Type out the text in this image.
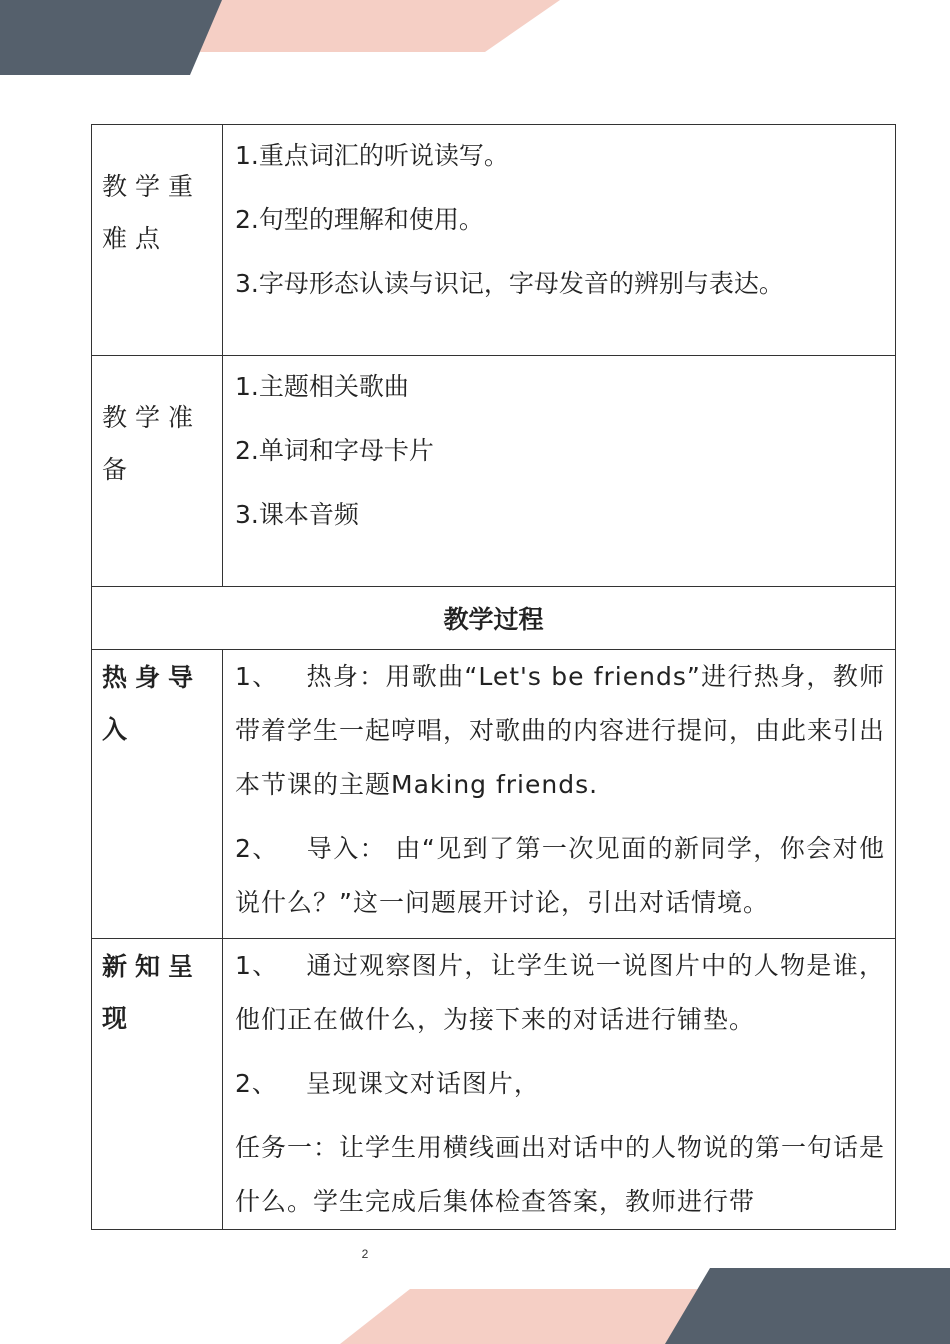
教学重难点	1.重点词汇的听说读写。
2.句型的理解和使用。
3.字母形态认读与识记，字母发音的辨别与表达。

教学准备	1.主题相关歌曲
2.单词和字母卡片
3.课本音频

教学过程	
热身导入	1、 热身：用歌曲“Let's be friends”进行热身，教师带着学生一起哼唱，对歌曲的内容进行提问，由此来引出本节课的主题Making friends.
2、 导入： 由“见到了第一次见面的新同学，你会对他说什么？”这一问题展开讨论，引出对话情境。

新知呈现	1、 通过观察图片，让学生说一说图片中的人物是谁，他们正在做什么，为接下来的对话进行铺垫。
2、 呈现课文对话图片，
任务一：让学生用横线画出对话中的人物说的第一句话是什么。学生完成后集体检查答案，教师进行带
2
